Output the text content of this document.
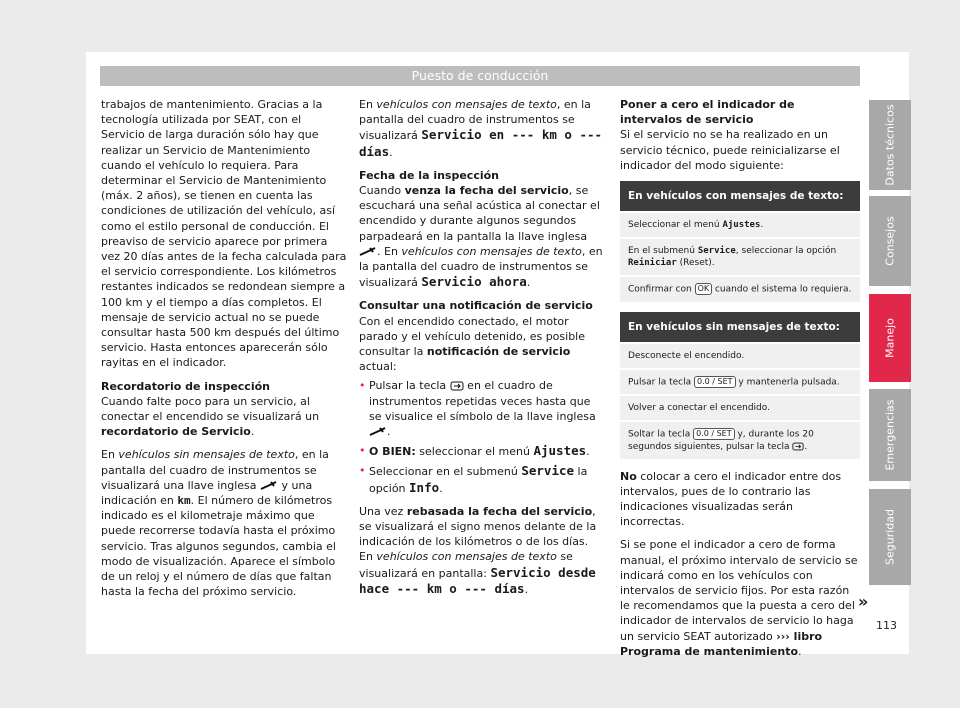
Puesto de conducción

trabajos de mantenimiento. Gracias a la tecnología utilizada por SEAT, con el Servicio de larga duración sólo hay que realizar un Servicio de Mantenimiento cuando el vehículo lo requiera. Para determinar el Servicio de Mantenimiento (máx. 2 años), se tienen en cuenta las condiciones de utilización del vehículo, así como el estilo personal de conducción. El preaviso de servicio aparece por primera vez 20 días antes de la fecha calculada para el servicio correspondiente. Los kilómetros restantes indicados se redondean siempre a 100 km y el tiempo a días completos. El mensaje de servicio actual no se puede consultar hasta 500 km después del último servicio. Hasta entonces aparecerán sólo rayitas en el indicador.

Recordatorio de inspección

Cuando falte poco para un servicio, al conectar el encendido se visualizará un recordatorio de Servicio.

En vehículos sin mensajes de texto, en la pantalla del cuadro de instrumentos se visualizará una llave inglesa  y una indicación en km. El número de kilómetros indicado es el kilometraje máximo que puede recorrerse todavía hasta el próximo servicio. Tras algunos segundos, cambia el modo de visualización. Aparece el símbolo de un reloj y el número de días que faltan hasta la fecha del próximo servicio.

En vehículos con mensajes de texto, en la pantalla del cuadro de instrumentos se visualizará Servicio en --- km o --- días.

Fecha de la inspección

Cuando venza la fecha del servicio, se escuchará una señal acústica al conectar el encendido y durante algunos segundos parpadeará en la pantalla la llave inglesa . En vehículos con mensajes de texto, en la pantalla del cuadro de instrumentos se visualizará Servicio ahora.

Consultar una notificación de servicio

Con el encendido conectado, el motor parado y el vehículo detenido, es posible consultar la notificación de servicio actual:

• Pulsar la tecla  en el cuadro de instrumentos repetidas veces hasta que se visualice el símbolo de la llave inglesa .
• O BIEN: seleccionar el menú Ajustes.
• Seleccionar en el submenú Service la opción Info.

Una vez rebasada la fecha del servicio, se visualizará el signo menos delante de la indicación de los kilómetros o de los días. En vehículos con mensajes de texto se visualizará en pantalla: Servicio desde hace --- km o --- días.

Poner a cero el indicador de intervalos de servicio

Si el servicio no se ha realizado en un servicio técnico, puede reinicializarse el indicador del modo siguiente:

En vehículos con mensajes de texto:
Seleccionar el menú Ajustes.
En el submenú Service, seleccionar la opción Reiniciar (Reset).
Confirmar con OK cuando el sistema lo requiera.
En vehículos sin mensajes de texto:
Desconecte el encendido.
Pulsar la tecla 0.0 / SET y mantenerla pulsada.
Volver a conectar el encendido.
Soltar la tecla 0.0 / SET y, durante los 20 segundos siguientes, pulsar la tecla .

No colocar a cero el indicador entre dos intervalos, pues de lo contrario las indicaciones visualizadas serán incorrectas.

Si se pone el indicador a cero de forma manual, el próximo intervalo de servicio se indicará como en los vehículos con intervalos de servicio fijos. Por esta razón le recomendamos que la puesta a cero del indicador de intervalos de servicio lo haga un servicio SEAT autorizado ››› libro Programa de mantenimiento.

Datos técnicos
Consejos
Manejo
Emergencias
Seguridad
»
113
